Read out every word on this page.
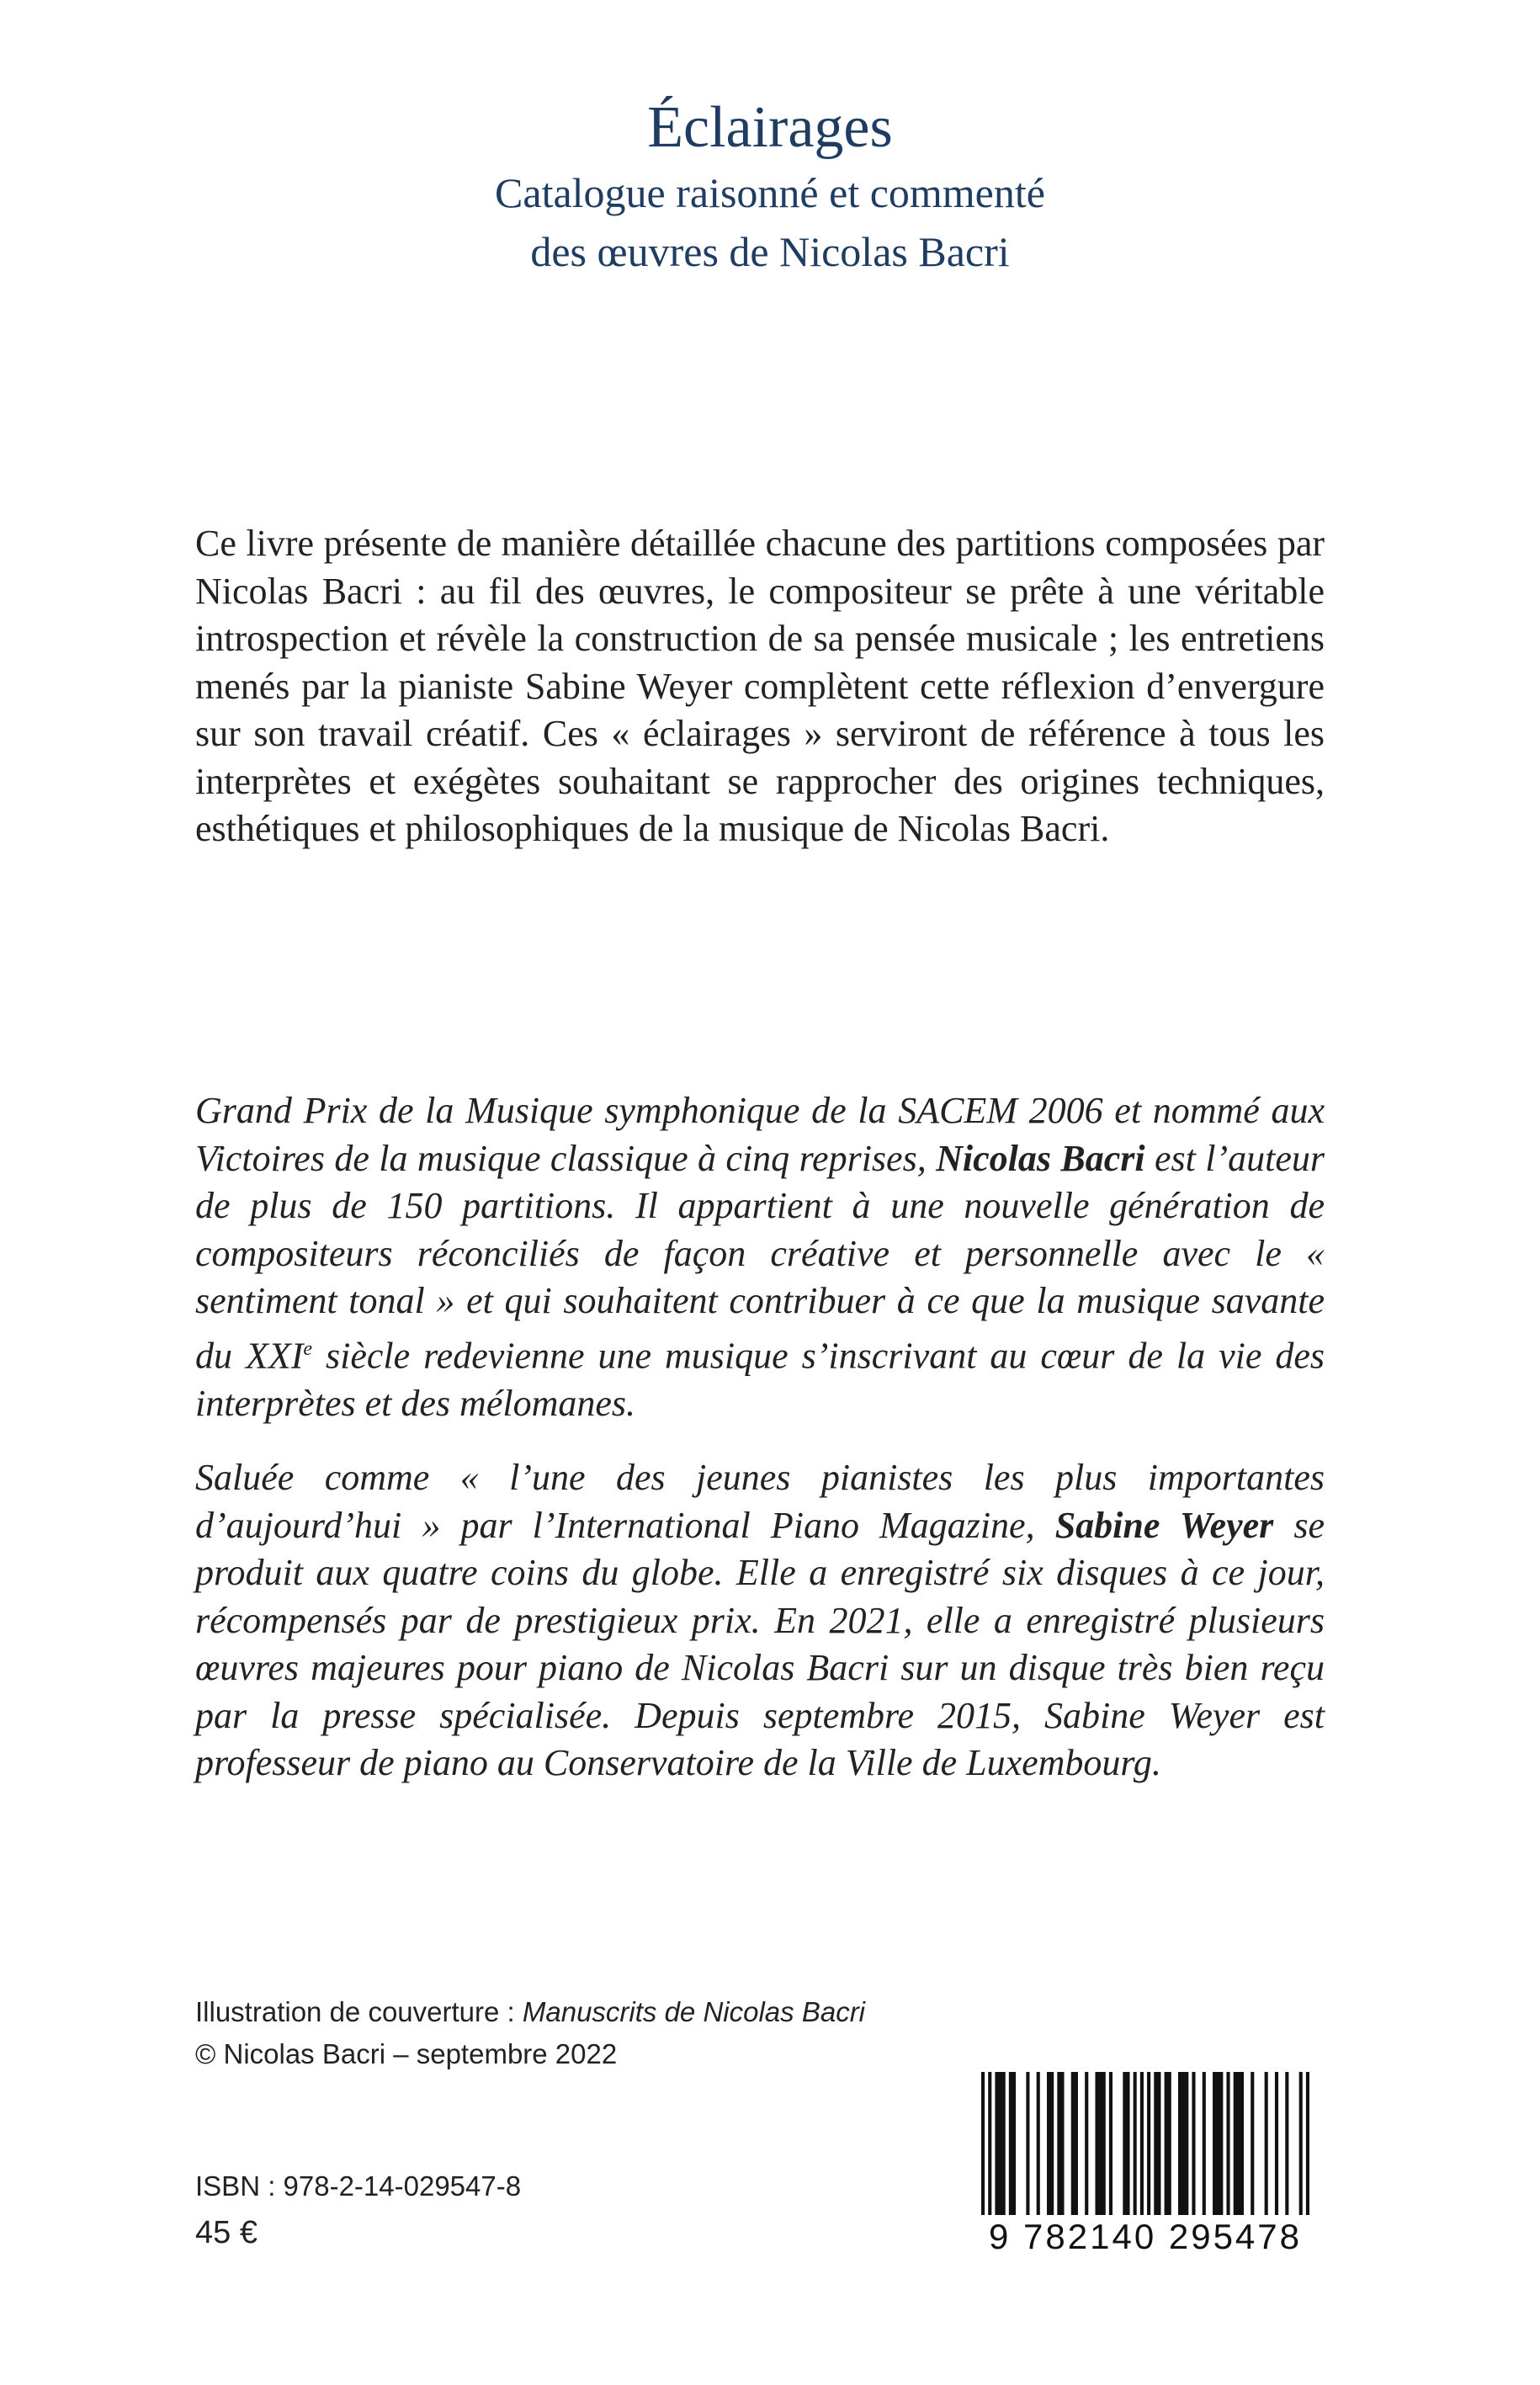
Éclairages
Catalogue raisonné et commenté
des œuvres de Nicolas Bacri

Ce livre présente de manière détaillée chacune des partitions composées par Nicolas Bacri : au fil des œuvres, le compositeur se prête à une véritable introspection et révèle la construction de sa pensée musicale ; les entretiens menés par la pianiste Sabine Weyer complètent cette réflexion d’envergure sur son travail créatif. Ces « éclairages » serviront de référence à tous les interprètes et exégètes souhaitant se rapprocher des origines techniques, esthétiques et philosophiques de la musique de Nicolas Bacri.

Grand Prix de la Musique symphonique de la SACEM 2006 et nommé aux Victoires de la musique classique à cinq reprises, Nicolas Bacri est l’auteur de plus de 150 partitions. Il appartient à une nouvelle génération de compositeurs réconciliés de façon créative et personnelle avec le « sentiment tonal » et qui souhaitent contribuer à ce que la musique savante du XXIe siècle redevienne une musique s’inscrivant au cœur de la vie des interprètes et des mélomanes.

Saluée comme « l’une des jeunes pianistes les plus importantes d’aujourd’hui » par l’International Piano Magazine, Sabine Weyer se produit aux quatre coins du globe. Elle a enregistré six disques à ce jour, récompensés par de prestigieux prix. En 2021, elle a enregistré plusieurs œuvres majeures pour piano de Nicolas Bacri sur un disque très bien reçu par la presse spécialisée. Depuis septembre 2015, Sabine Weyer est professeur de piano au Conservatoire de la Ville de Luxembourg.

Illustration de couverture : Manuscrits de Nicolas Bacri
© Nicolas Bacri – septembre 2022
ISBN : 978-2-14-029547-8
45 €	9 782140 295478
